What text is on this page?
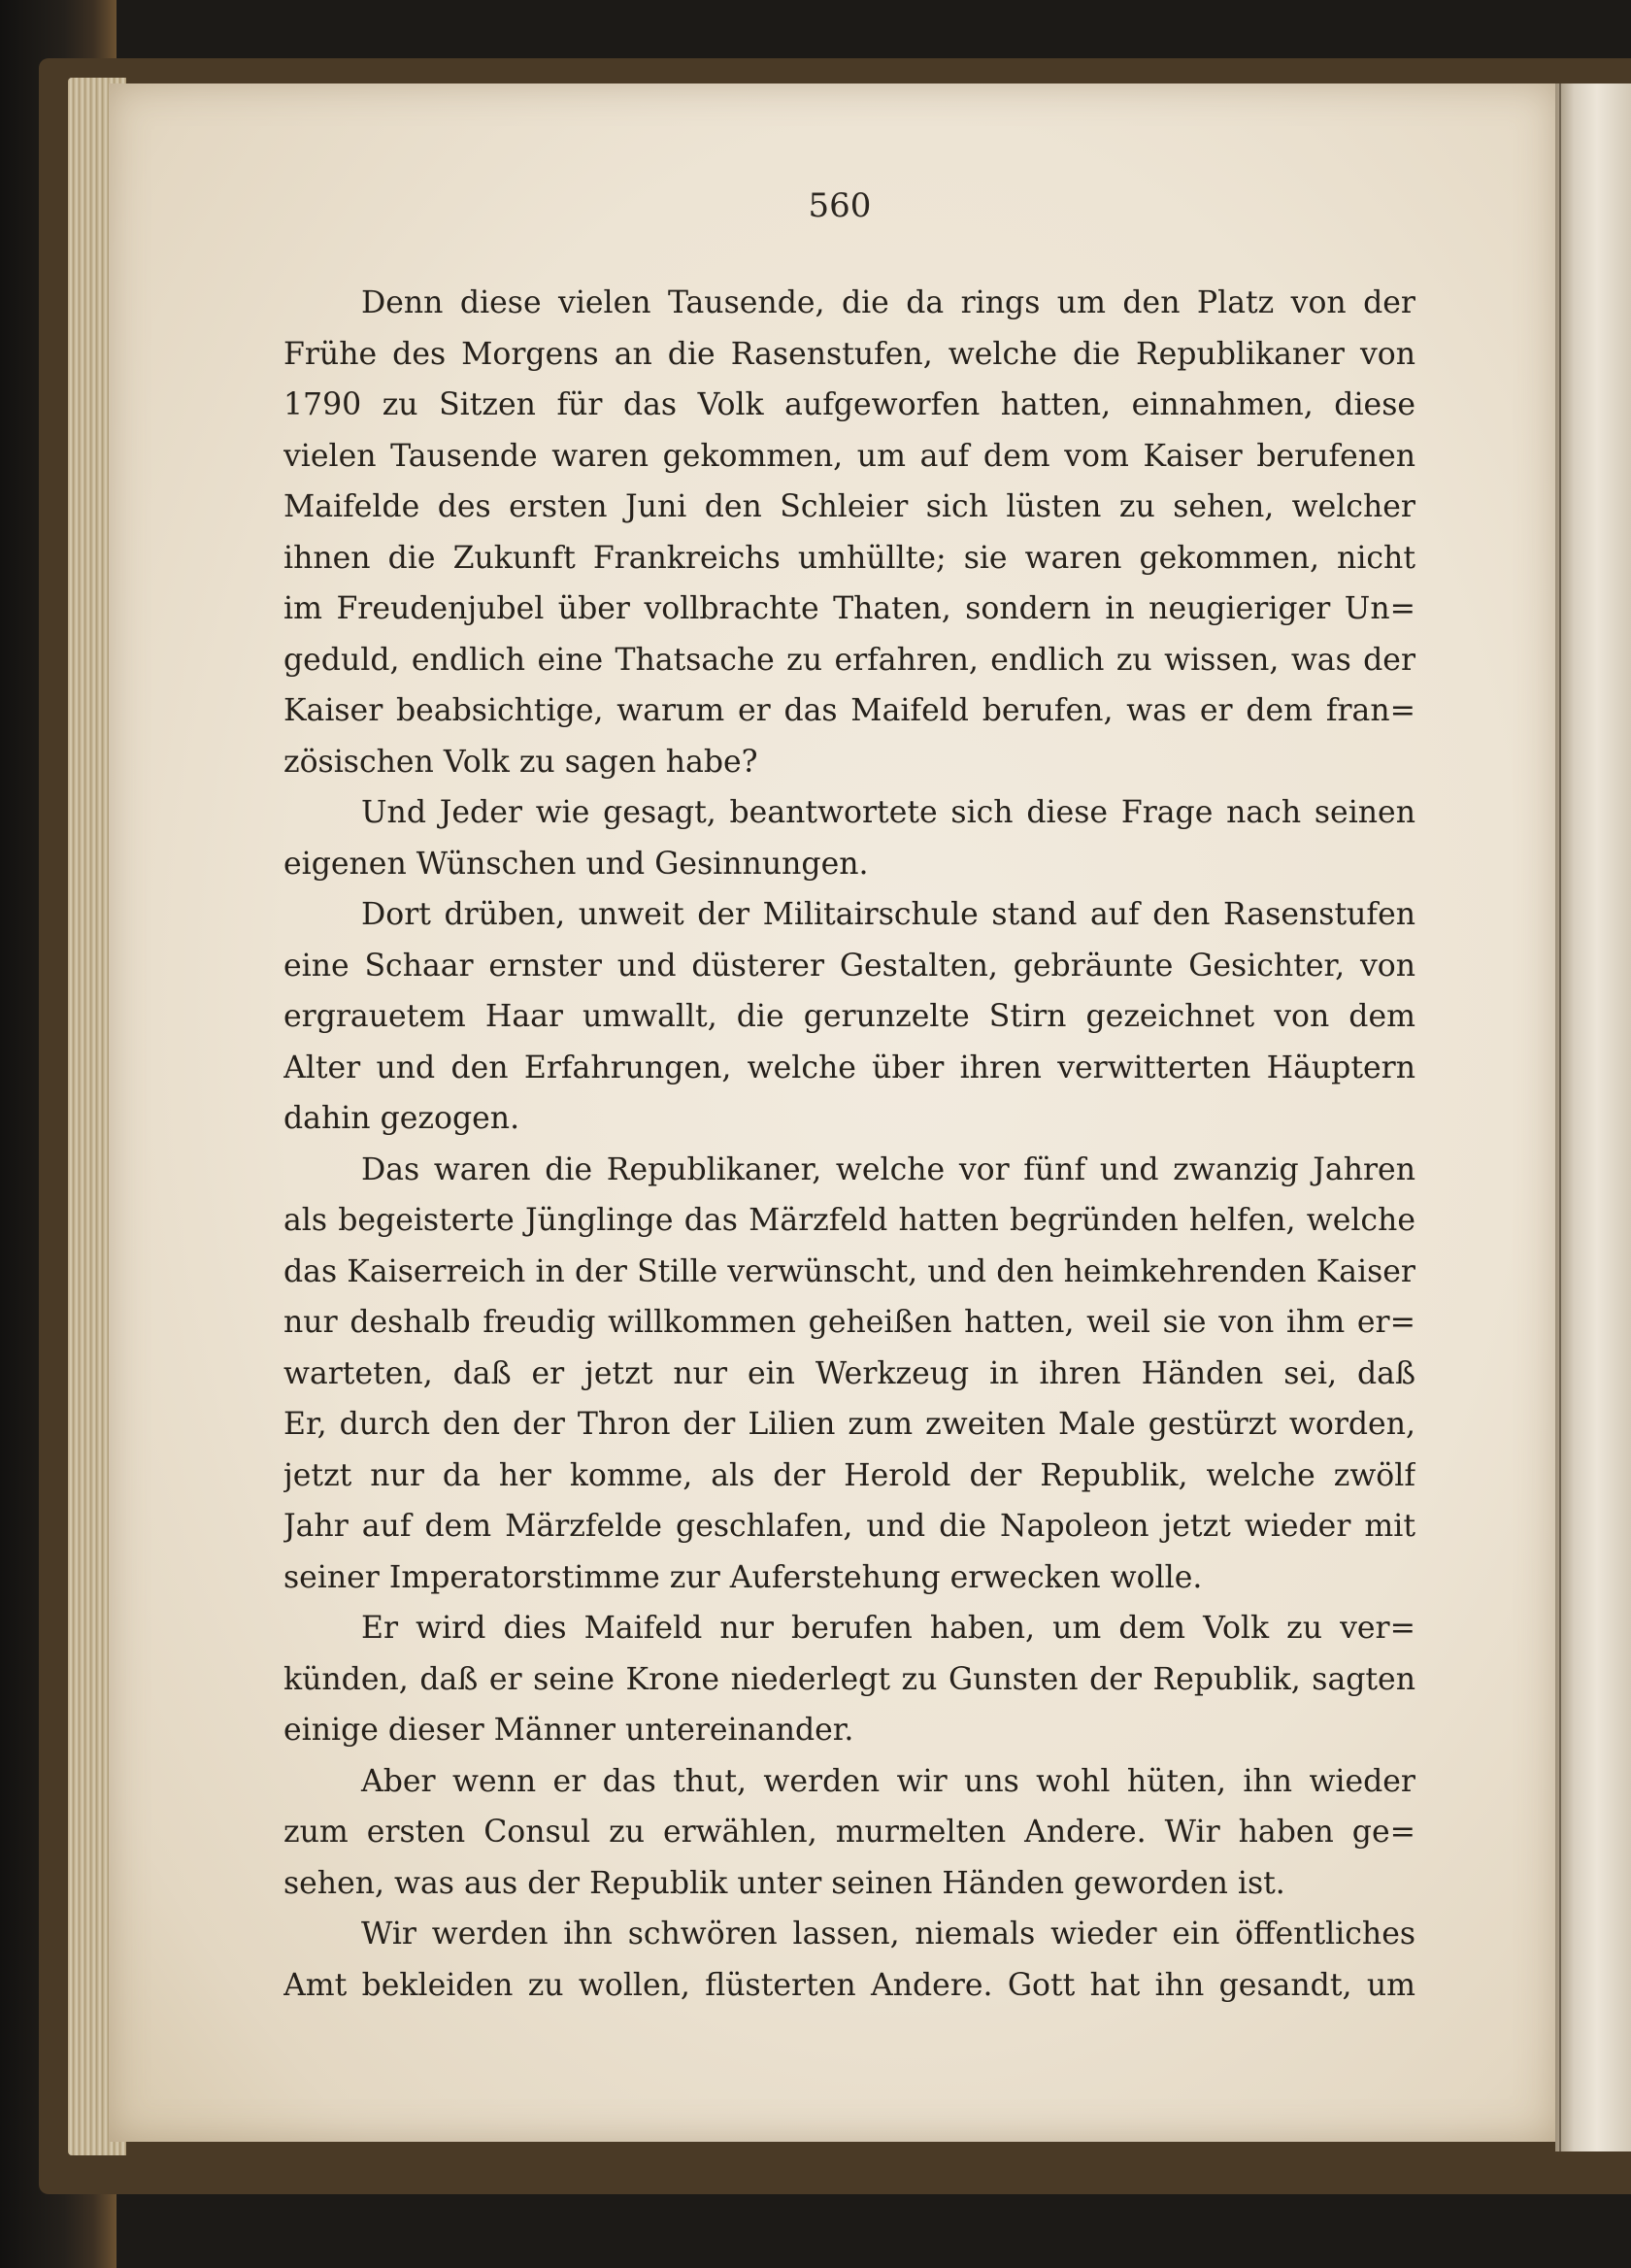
560
Denn diese vielen Tausende, die da rings um den Platz von der
Frühe des Morgens an die Rasenstufen, welche die Republikaner von
1790 zu Sitzen für das Volk aufgeworfen hatten, einnahmen, diese
vielen Tausende waren gekommen, um auf dem vom Kaiser berufenen
Maifelde des ersten Juni den Schleier sich lüsten zu sehen, welcher
ihnen die Zukunft Frankreichs umhüllte; sie waren gekommen, nicht
im Freudenjubel über vollbrachte Thaten, sondern in neugieriger Un=
geduld, endlich eine Thatsache zu erfahren, endlich zu wissen, was der
Kaiser beabsichtige, warum er das Maifeld berufen, was er dem fran=
zösischen Volk zu sagen habe?
Und Jeder wie gesagt, beantwortete sich diese Frage nach seinen
eigenen Wünschen und Gesinnungen.
Dort drüben, unweit der Militairschule stand auf den Rasenstufen
eine Schaar ernster und düsterer Gestalten, gebräunte Gesichter, von
ergrauetem Haar umwallt, die gerunzelte Stirn gezeichnet von dem
Alter und den Erfahrungen, welche über ihren verwitterten Häuptern
dahin gezogen.
Das waren die Republikaner, welche vor fünf und zwanzig Jahren
als begeisterte Jünglinge das Märzfeld hatten begründen helfen, welche
das Kaiserreich in der Stille verwünscht, und den heimkehrenden Kaiser
nur deshalb freudig willkommen geheißen hatten, weil sie von ihm er=
warteten, daß er jetzt nur ein Werkzeug in ihren Händen sei, daß
Er, durch den der Thron der Lilien zum zweiten Male gestürzt worden,
jetzt nur da her komme, als der Herold der Republik, welche zwölf
Jahr auf dem Märzfelde geschlafen, und die Napoleon jetzt wieder mit
seiner Imperatorstimme zur Auferstehung erwecken wolle.
Er wird dies Maifeld nur berufen haben, um dem Volk zu ver=
künden, daß er seine Krone niederlegt zu Gunsten der Republik, sagten
einige dieser Männer untereinander.
Aber wenn er das thut, werden wir uns wohl hüten, ihn wieder
zum ersten Consul zu erwählen, murmelten Andere. Wir haben ge=
sehen, was aus der Republik unter seinen Händen geworden ist.
Wir werden ihn schwören lassen, niemals wieder ein öffentliches
Amt bekleiden zu wollen, flüsterten Andere. Gott hat ihn gesandt, um
